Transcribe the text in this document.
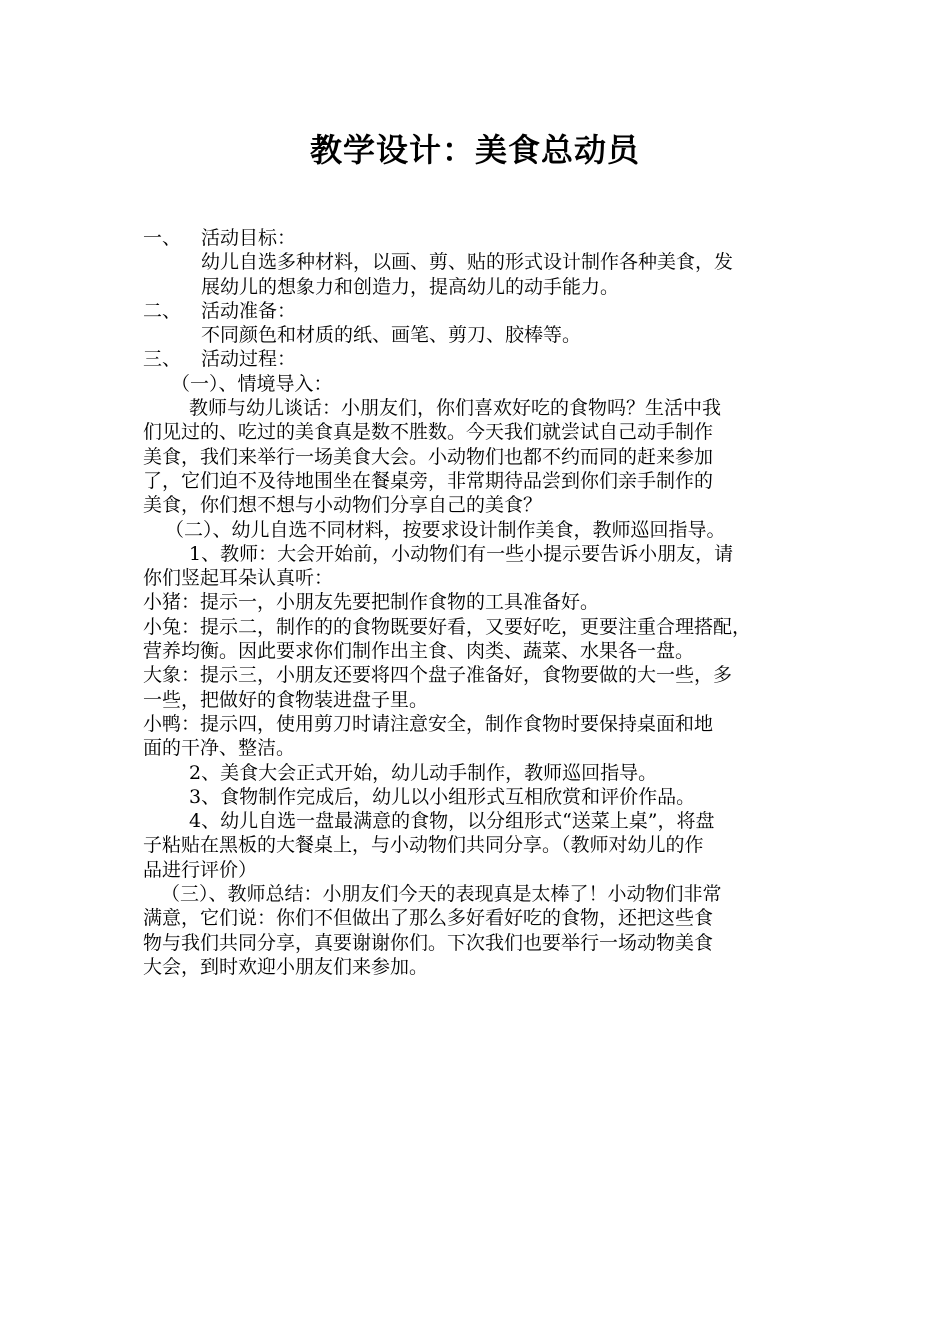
教学设计：美食总动员
一、 活动目标：
幼儿自选多种材料，以画、剪、贴的形式设计制作各种美食，发
展幼儿的想象力和创造力，提高幼儿的动手能力。
二、 活动准备：
不同颜色和材质的纸、画笔、剪刀、胶棒等。
三、 活动过程：
（一）、情境导入：
教师与幼儿谈话：小朋友们，你们喜欢好吃的食物吗？生活中我
们见过的、吃过的美食真是数不胜数。今天我们就尝试自己动手制作
美食，我们来举行一场美食大会。小动物们也都不约而同的赶来参加
了，它们迫不及待地围坐在餐桌旁，非常期待品尝到你们亲手制作的
美食，你们想不想与小动物们分享自己的美食？
（二）、幼儿自选不同材料，按要求设计制作美食，教师巡回指导。
1、教师：大会开始前，小动物们有一些小提示要告诉小朋友，请
你们竖起耳朵认真听：
小猪：提示一，小朋友先要把制作食物的工具准备好。
小兔：提示二，制作的的食物既要好看，又要好吃，更要注重合理搭配，
营养均衡。因此要求你们制作出主食、肉类、蔬菜、水果各一盘。
大象：提示三，小朋友还要将四个盘子准备好，食物要做的大一些，多
一些，把做好的食物装进盘子里。
小鸭：提示四，使用剪刀时请注意安全，制作食物时要保持桌面和地
面的干净、整洁。
2、美食大会正式开始，幼儿动手制作，教师巡回指导。
3、食物制作完成后，幼儿以小组形式互相欣赏和评价作品。
4、幼儿自选一盘最满意的食物，以分组形式“送菜上桌”，将盘
子粘贴在黑板的大餐桌上，与小动物们共同分享。（教师对幼儿的作
品进行评价）
（三）、教师总结：小朋友们今天的表现真是太棒了！小动物们非常
满意，它们说：你们不但做出了那么多好看好吃的食物，还把这些食
物与我们共同分享，真要谢谢你们。下次我们也要举行一场动物美食
大会，到时欢迎小朋友们来参加。
